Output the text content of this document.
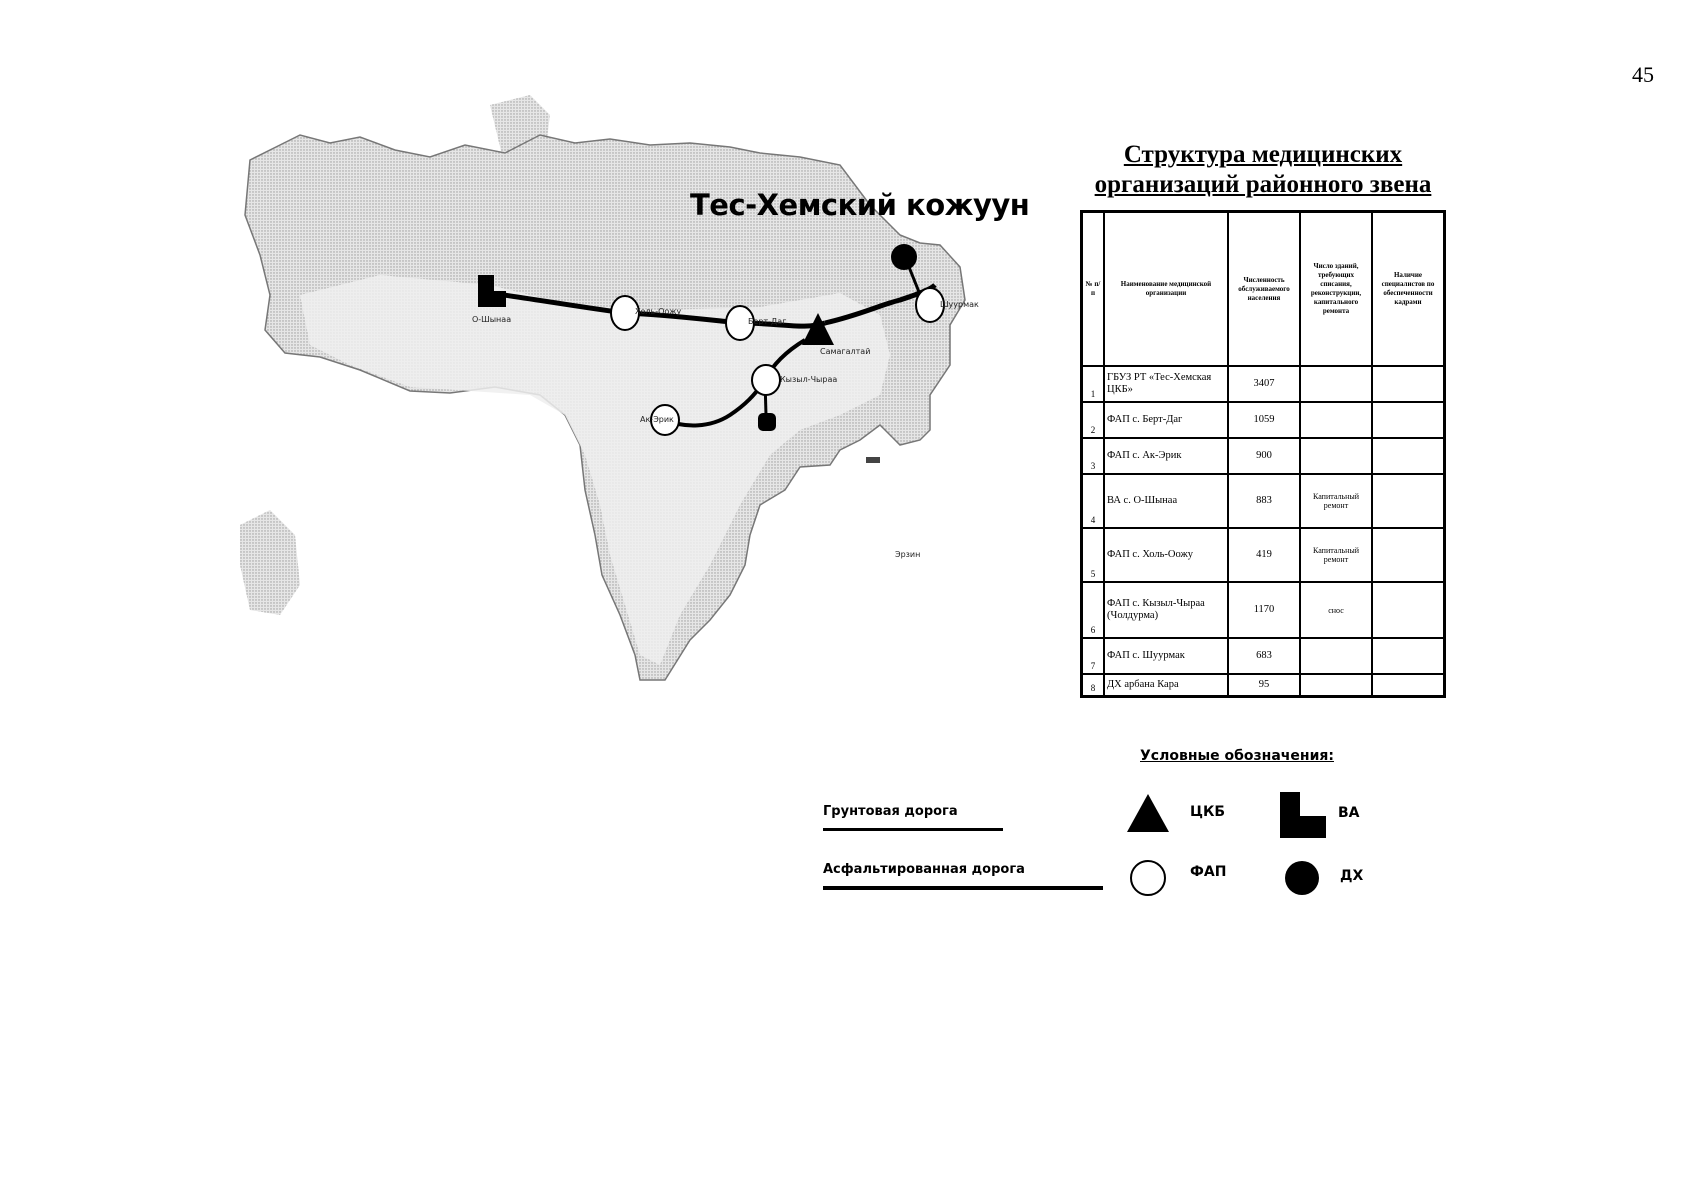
45
О-Шынаа
Холь-Оожу
Берт-Даг
Самагалтай
Шуурмак
Кызыл-Чыраа
Ак-Эрик
Эрзин
Тес-Хемский кожуун
Структура медицинских
организаций районного звена
№ п/п	Наименование медицинской организации	Численность обслуживаемого населения	Число зданий, требующих списания, реконструкции, капитального ремонта	Наличие специалистов по обеспеченности кадрами
1	ГБУЗ РТ «Тес-Хемская ЦКБ»	3407		
2	ФАП с. Берт-Даг	1059		
3	ФАП с. Ак-Эрик	900		
4	ВА с. О-Шынаа	883	Капитальный ремонт	
5	ФАП с. Холь-Оожу	419	Капитальный ремонт	
6	ФАП с. Кызыл-Чыраа (Чолдурма)	1170	снос	
7	ФАП с. Шуурмак	683		
8	ДХ арбана Кара	95		
Условные обозначения:
Грунтовая дорога
Асфальтированная дорога
ЦКБ	ВА
ФАП	ДХ
